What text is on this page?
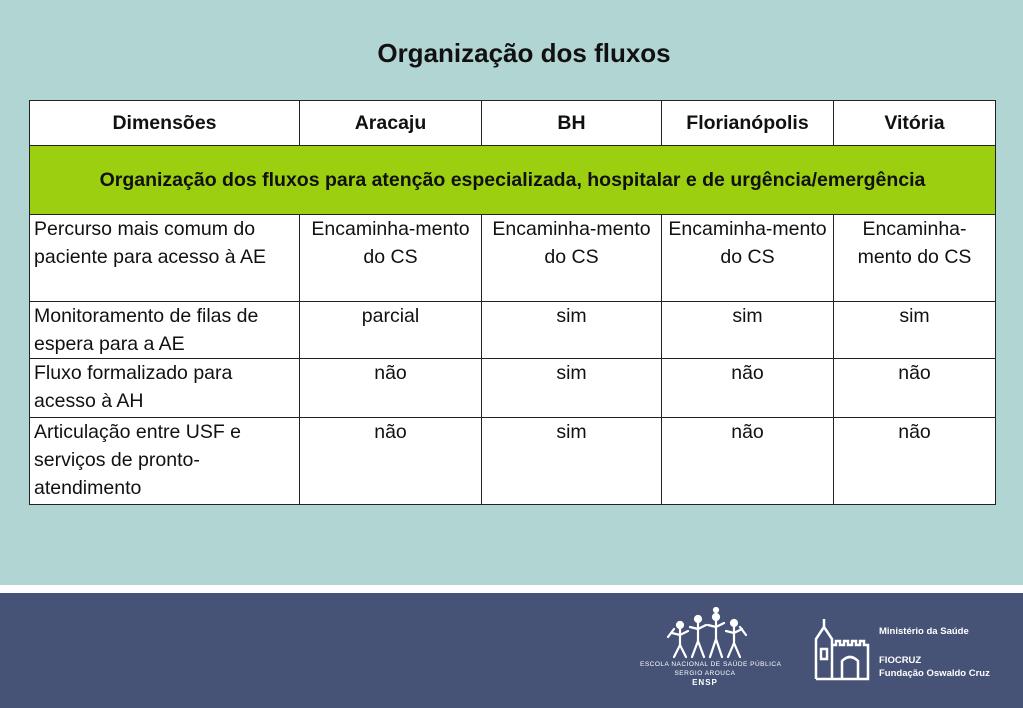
Organização dos fluxos
Dimensões	Aracaju	BH	Florianópolis	Vitória
Organização dos fluxos para atenção especializada, hospitalar e de urgência/emergência				
Percurso mais comum do paciente para acesso à AE	Encaminha-mento do CS	Encaminha-mento do CS	Encaminha-mento do CS	Encaminha-mento do CS
Monitoramento de filas de espera para a AE	parcial	sim	sim	sim
Fluxo formalizado para acesso à AH	não	sim	não	não
Articulação entre USF e serviços de pronto-atendimento	não	sim	não	não
ESCOLA NACIONAL DE SAÚDE PÚBLICA
SERGIO AROUCA
ENSP
Ministério da Saúde
FIOCRUZ
Fundação Oswaldo Cruz
